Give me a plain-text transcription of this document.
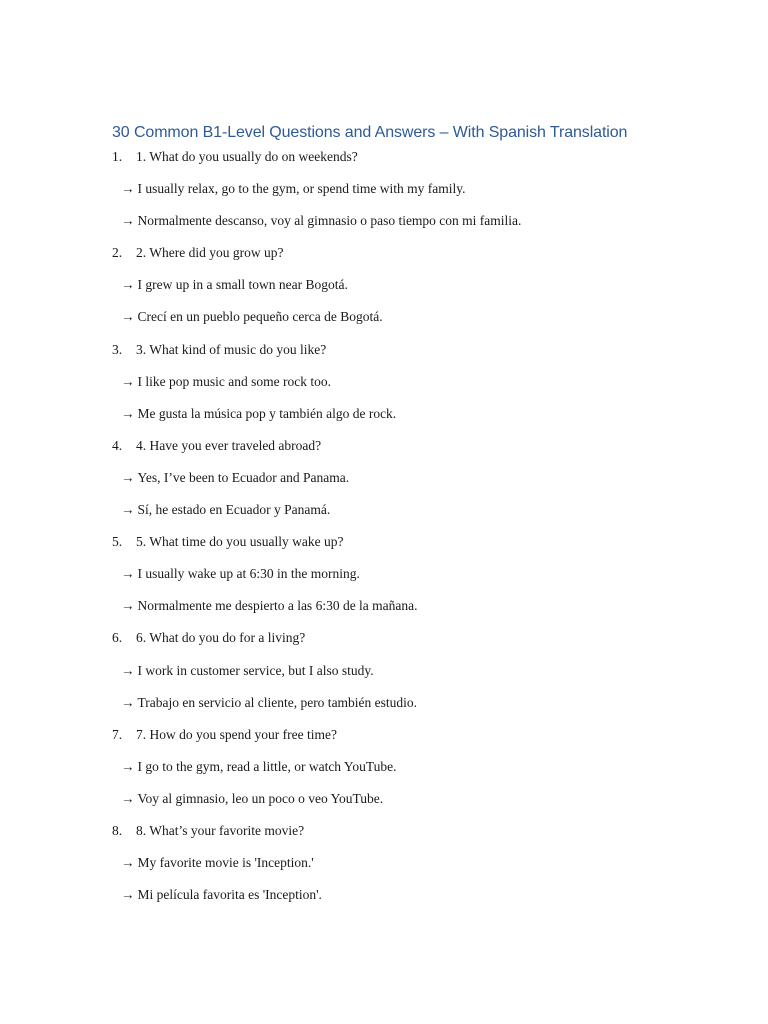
30 Common B1-Level Questions and Answers – With Spanish Translation
1. 1. What do you usually do on weekends?
→ I usually relax, go to the gym, or spend time with my family.
→ Normalmente descanso, voy al gimnasio o paso tiempo con mi familia.
2. 2. Where did you grow up?
→ I grew up in a small town near Bogotá.
→ Crecí en un pueblo pequeño cerca de Bogotá.
3. 3. What kind of music do you like?
→ I like pop music and some rock too.
→ Me gusta la música pop y también algo de rock.
4. 4. Have you ever traveled abroad?
→ Yes, I’ve been to Ecuador and Panama.
→ Sí, he estado en Ecuador y Panamá.
5. 5. What time do you usually wake up?
→ I usually wake up at 6:30 in the morning.
→ Normalmente me despierto a las 6:30 de la mañana.
6. 6. What do you do for a living?
→ I work in customer service, but I also study.
→ Trabajo en servicio al cliente, pero también estudio.
7. 7. How do you spend your free time?
→ I go to the gym, read a little, or watch YouTube.
→ Voy al gimnasio, leo un poco o veo YouTube.
8. 8. What’s your favorite movie?
→ My favorite movie is 'Inception.'
→ Mi película favorita es 'Inception'.
